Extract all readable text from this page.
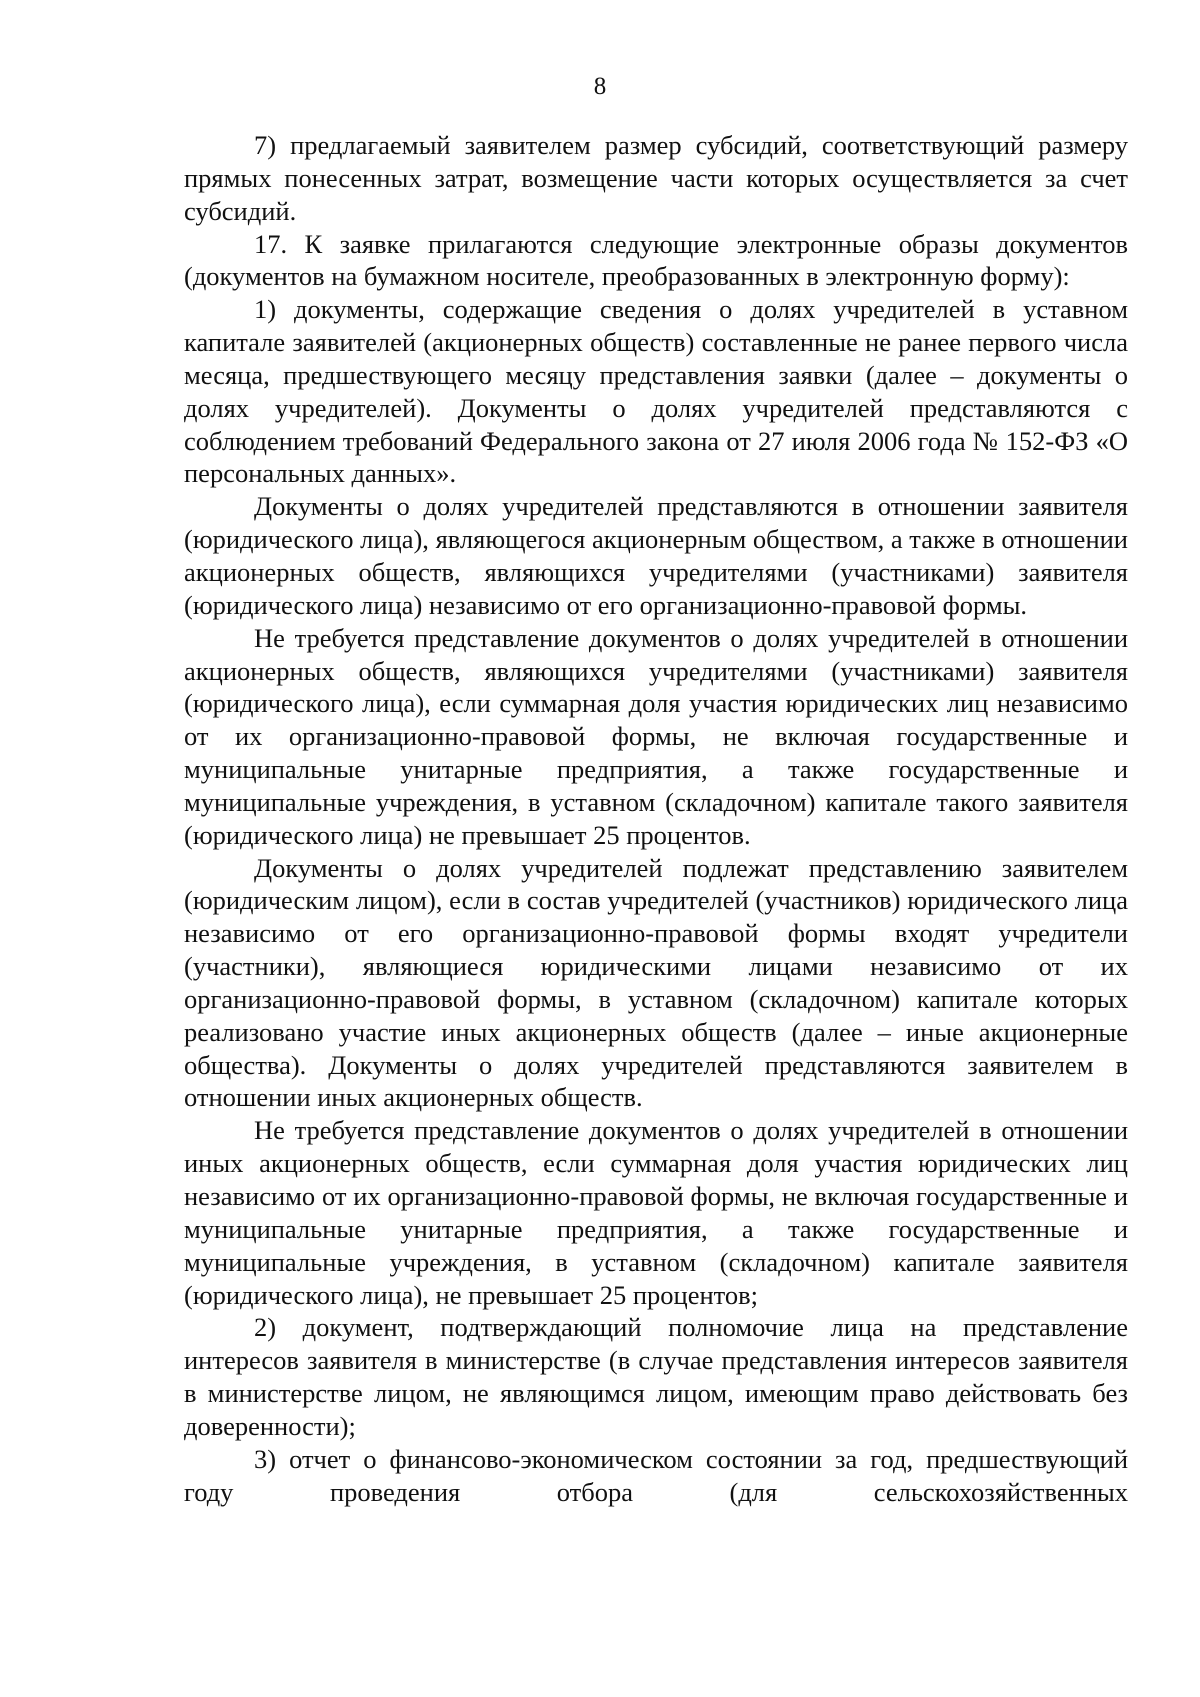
8

7) предлагаемый заявителем размер субсидий, соответствующий размеру прямых понесенных затрат, возмещение части которых осуществляется за счет субсидий.

17. К заявке прилагаются следующие электронные образы документов (документов на бумажном носителе, преобразованных в электронную форму):

1) документы, содержащие сведения о долях учредителей в уставном капитале заявителей (акционерных обществ) составленные не ранее первого числа месяца, предшествующего месяцу представления заявки (далее – документы о долях учредителей). Документы о долях учредителей представляются с соблюдением требований Федерального закона от 27 июля 2006 года № 152-ФЗ «О персональных данных».

Документы о долях учредителей представляются в отношении заявителя (юридического лица), являющегося акционерным обществом, а также в отношении акционерных обществ, являющихся учредителями (участниками) заявителя (юридического лица) независимо от его организационно-правовой формы.

Не требуется представление документов о долях учредителей в отношении акционерных обществ, являющихся учредителями (участниками) заявителя (юридического лица), если суммарная доля участия юридических лиц независимо от их организационно-правовой формы, не включая государственные и муниципальные унитарные предприятия, а также государственные и муниципальные учреждения, в уставном (складочном) капитале такого заявителя (юридического лица) не превышает 25 процентов.

Документы о долях учредителей подлежат представлению заявителем (юридическим лицом), если в состав учредителей (участников) юридического лица независимо от его организационно-правовой формы входят учредители (участники), являющиеся юридическими лицами независимо от их организационно-правовой формы, в уставном (складочном) капитале которых реализовано участие иных акционерных обществ (далее – иные акционерные общества). Документы о долях учредителей представляются заявителем в отношении иных акционерных обществ.

Не требуется представление документов о долях учредителей в отношении иных акционерных обществ, если суммарная доля участия юридических лиц независимо от их организационно-правовой формы, не включая государственные и муниципальные унитарные предприятия, а также государственные и муниципальные учреждения, в уставном (складочном) капитале заявителя (юридического лица), не превышает 25 процентов;

2) документ, подтверждающий полномочие лица на представление интересов заявителя в министерстве (в случае представления интересов заявителя в министерстве лицом, не являющимся лицом, имеющим право действовать без доверенности);

3) отчет о финансово-экономическом состоянии за год, предшествующий году проведения отбора (для сельскохозяйственных
